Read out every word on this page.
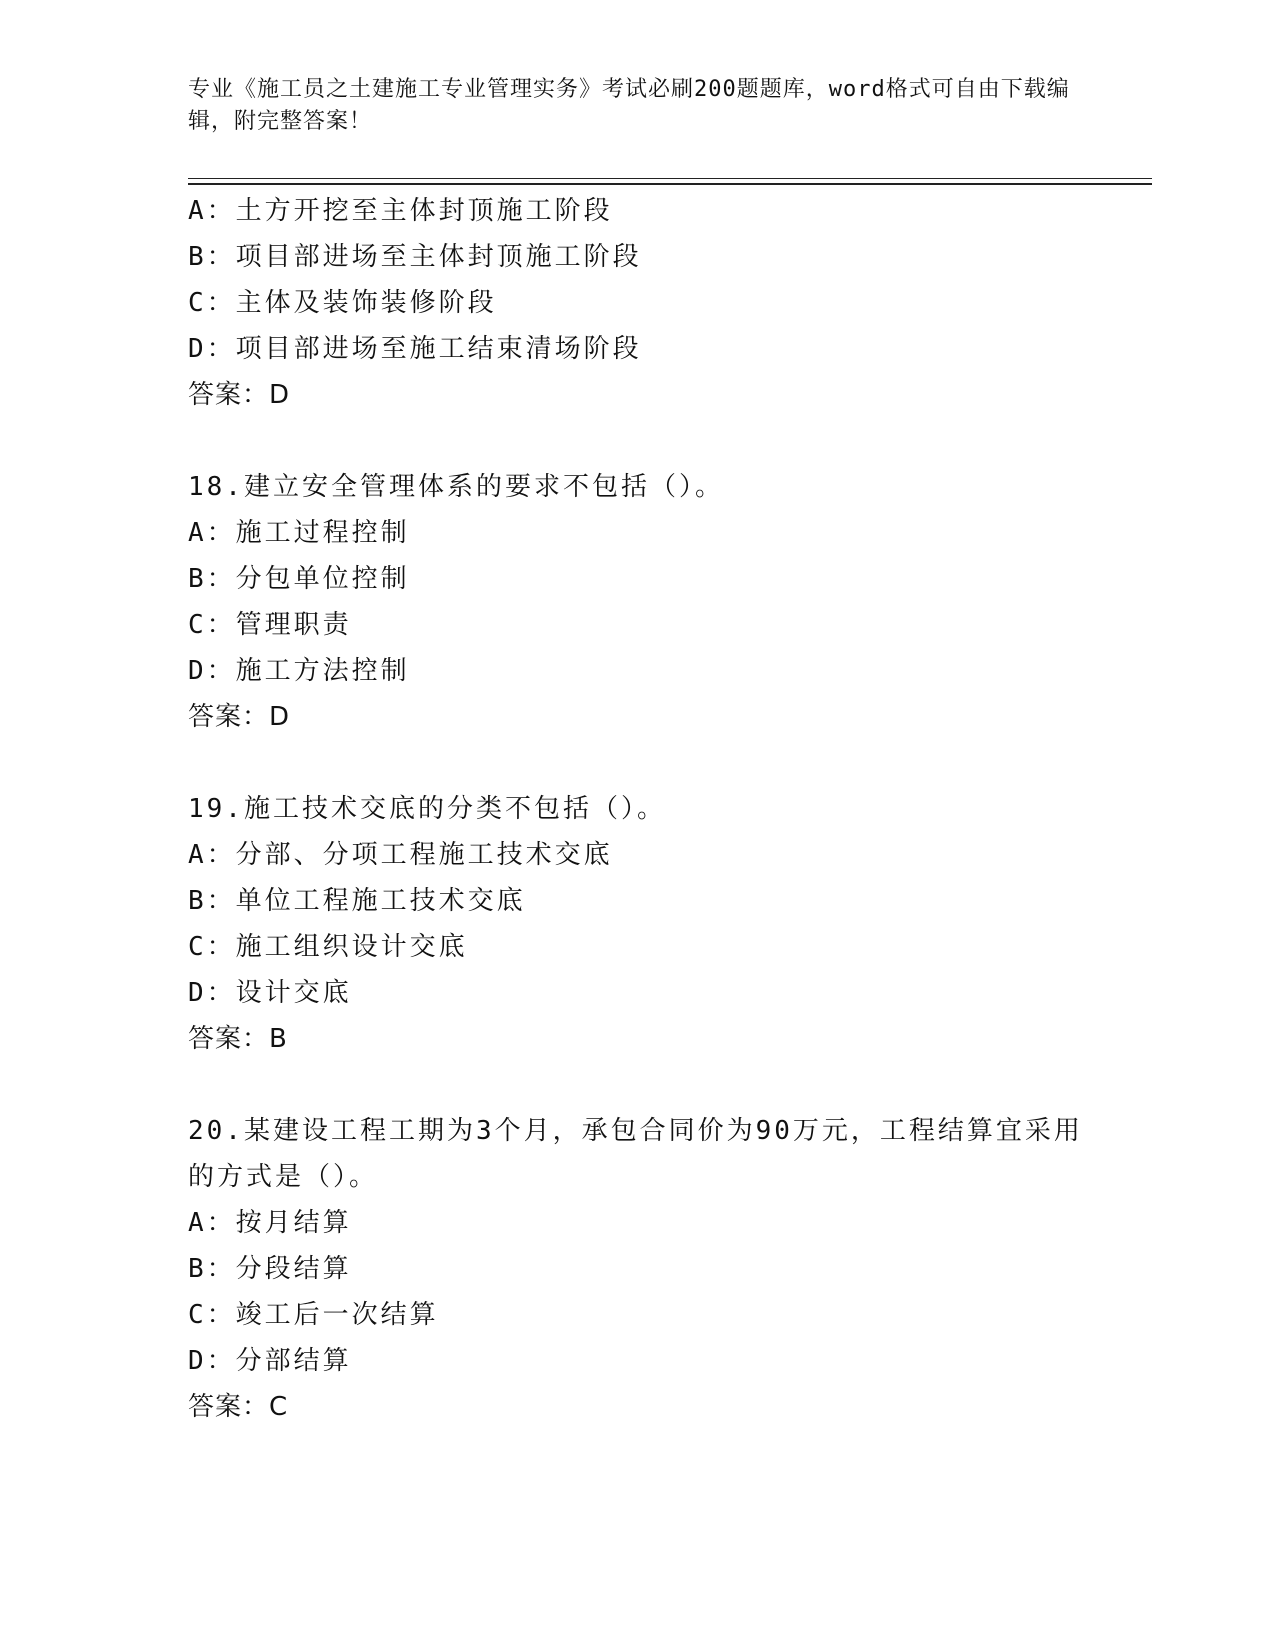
专业《施工员之土建施工专业管理实务》考试必刷200题题库，word格式可自由下载编辑，附完整答案！
A：土方开挖至主体封顶施工阶段
B：项目部进场至主体封顶施工阶段
C：主体及装饰装修阶段
D：项目部进场至施工结束清场阶段
答案：D
18.建立安全管理体系的要求不包括（）。
A：施工过程控制
B：分包单位控制
C：管理职责
D：施工方法控制
答案：D
19.施工技术交底的分类不包括（）。
A：分部、分项工程施工技术交底
B：单位工程施工技术交底
C：施工组织设计交底
D：设计交底
答案：B
20.某建设工程工期为3个月，承包合同价为90万元，工程结算宜采用的方式是（）。
A：按月结算
B：分段结算
C：竣工后一次结算
D：分部结算
答案：C
